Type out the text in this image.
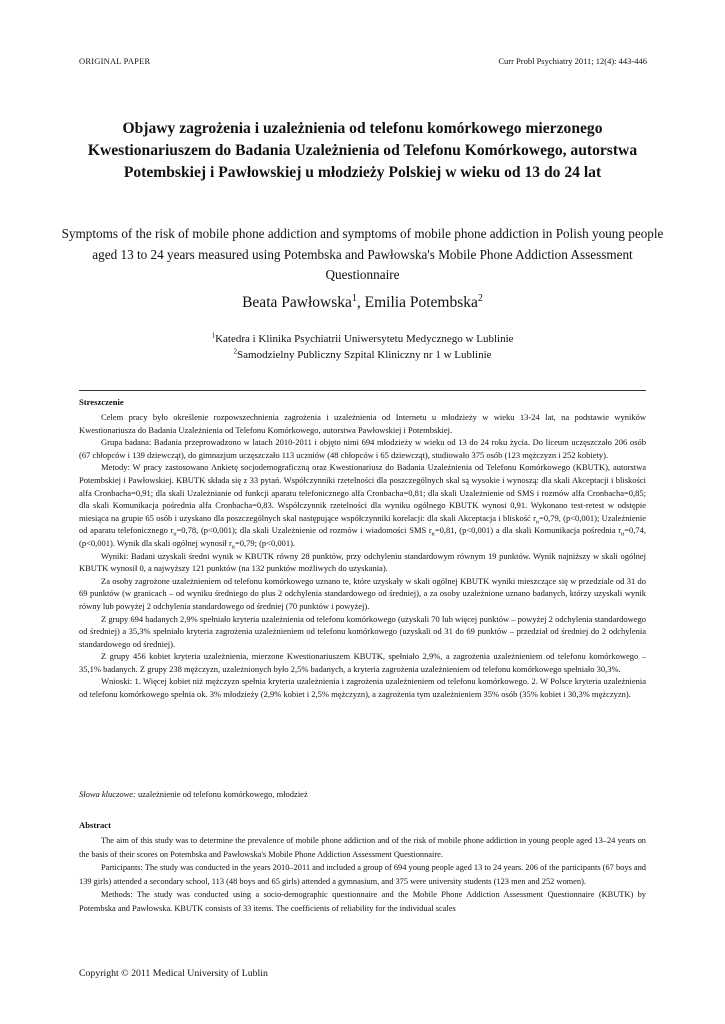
ORIGINAL PAPER	Curr Probl Psychiatry 2011; 12(4): 443-446
Objawy zagrożenia i uzależnienia od telefonu komórkowego mierzonego Kwestionariuszem do Badania Uzależnienia od Telefonu Komórkowego, autorstwa Potembskiej i Pawłowskiej u młodzieży Polskiej w wieku od 13 do 24 lat
Symptoms of the risk of mobile phone addiction and symptoms of mobile phone addiction in Polish young people aged 13 to 24 years measured using Potembska and Pawłowska's Mobile Phone Addiction Assessment Questionnaire
Beata Pawłowska$^1$, Emilia Potembska$^2$
$^1$Katedra i Klinika Psychiatrii Uniwersytetu Medycznego w Lublinie
$^2$Samodzielny Publiczny Szpital Kliniczny nr 1 w Lublinie

Streszczenie

Celem pracy było określenie rozpowszechnienia zagrożenia i uzależnienia od Internetu u młodzieży w wieku 13-24 lat, na podstawie wyników Kwestionariusza do Badania Uzależnienia od Telefonu Komórkowego, autorstwa Pawłowskiej i Potembskiej.

Grupa badana: Badania przeprowadzono w latach 2010-2011 i objęto nimi 694 młodzieży w wieku od 13 do 24 roku życia. Do liceum uczęszczało 206 osób (67 chłopców i 139 dziewcząt), do gimnazjum uczęszczało 113 uczniów (48 chłopców i 65 dziewcząt), studiowało 375 osób (123 mężczyzn i 252 kobiety).

Metody: W pracy zastosowano Ankietę socjodemograficzną oraz Kwestionariusz do Badania Uzależnienia od Telefonu Komórkowego (KBUTK), autorstwa Potembskiej i Pawłowskiej. KBUTK składa się z 33 pytań. Współczynniki rzetelności dla poszczególnych skal są wysokie i wynoszą: dla skali Akceptacji i bliskości alfa Cronbacha=0,91; dla skali Uzależnianie od funkcji aparatu telefonicznego alfa Cronbacha=0,81; dla skali Uzależnienie od SMS i rozmów alfa Cronbacha=0,85; dla skali Komunikacja pośrednia alfa Cronbacha=0,83. Współczynnik rzetelności dla wyniku ogólnego KBUTK wynosi 0,91. Wykonano test-retest w odstępie miesiąca na grupie 65 osób i uzyskano dla poszczególnych skal następujące współczynniki korelacji: dla skali Akceptacja i bliskość $r_{tt}=0,79$, (p<0,001); Uzależnienie od aparatu telefonicznego $r_{tt}=0,78$, (p<0,001); dla skali Uzależnienie od rozmów i wiadomości SMS $r_{tt}=0,81$, (p<0,001) a dla skali Komunikacja pośrednia $r_{tt}=0,74$, (p<0,001). Wynik dla skali ogólnej wynosił $r_{tt}=0,79$; (p<0,001).

Wyniki: Badani uzyskali średni wynik w KBUTK równy 28 punktów, przy odchyleniu standardowym równym 19 punktów. Wynik najniższy w skali ogólnej KBUTK wynosił 0, a najwyższy 121 punktów (na 132 punktów możliwych do uzyskania).

Za osoby zagrożone uzależnieniem od telefonu komórkowego uznano te, które uzyskały w skali ogólnej KBUTK wyniki mieszczące się w przedziale od 31 do 69 punktów (w granicach – od wyniku średniego do plus 2 odchylenia standardowego od średniej), a za osoby uzależnione uznano badanych, którzy uzyskali wynik równy lub powyżej 2 odchylenia standardowego od średniej (70 punktów i powyżej).

Z grupy 694 badanych 2,9% spełniało kryteria uzależnienia od telefonu komórkowego (uzyskali 70 lub więcej punktów – powyżej 2 odchylenia standardowego od średniej) a 35,3% spełniało kryteria zagrożenia uzależnieniem od telefonu komórkowego (uzyskali od 31 do 69 punktów – przedział od średniej do 2 odchylenia standardowego od średniej).

Z grupy 456 kobiet kryteria uzależnienia, mierzone Kwestionariuszem KBUTK, spełniało 2,9%, a zagrożenia uzależnieniem od telefonu komórkowego – 35,1% badanych. Z grupy 238 mężczyzn, uzależnionych było 2,5% badanych, a kryteria zagrożenia uzależnieniem od telefonu komórkowego spełniało 30,3%.

Wnioski: 1. Więcej kobiet niż mężczyzn spełnia kryteria uzależnienia i zagrożenia uzależnieniem od telefonu komórkowego. 2. W Polsce kryteria uzależnienia od telefonu komórkowego spełnia ok. 3% młodzieży (2,9% kobiet i 2,5% mężczyzn), a zagrożenia tym uzależnieniem 35% osób (35% kobiet i 30,3% mężczyzn).

Słowa kluczowe: uzależnienie od telefonu komórkowego, młodzież

Abstract

The aim of this study was to determine the prevalence of mobile phone addiction and of the risk of mobile phone addiction in young people aged 13–24 years on the basis of their scores on Potembska and Pawłowska's Mobile Phone Addiction Assessment Questionnaire.

Participants: The study was conducted in the years 2010–2011 and included a group of 694 young people aged 13 to 24 years. 206 of the participants (67 boys and 139 girls) attended a secondary school, 113 (48 boys and 65 girls) attended a gymnasium, and 375 were university students (123 men and 252 women).

Methods: The study was conducted using a socio-demographic questionnaire and the Mobile Phone Addiction Assessment Questionnaire (KBUTK) by Potembska and Pawłowska. KBUTK consists of 33 items. The coefficients of reliability for the individual scales

Copyright © 2011 Medical University of Lublin
